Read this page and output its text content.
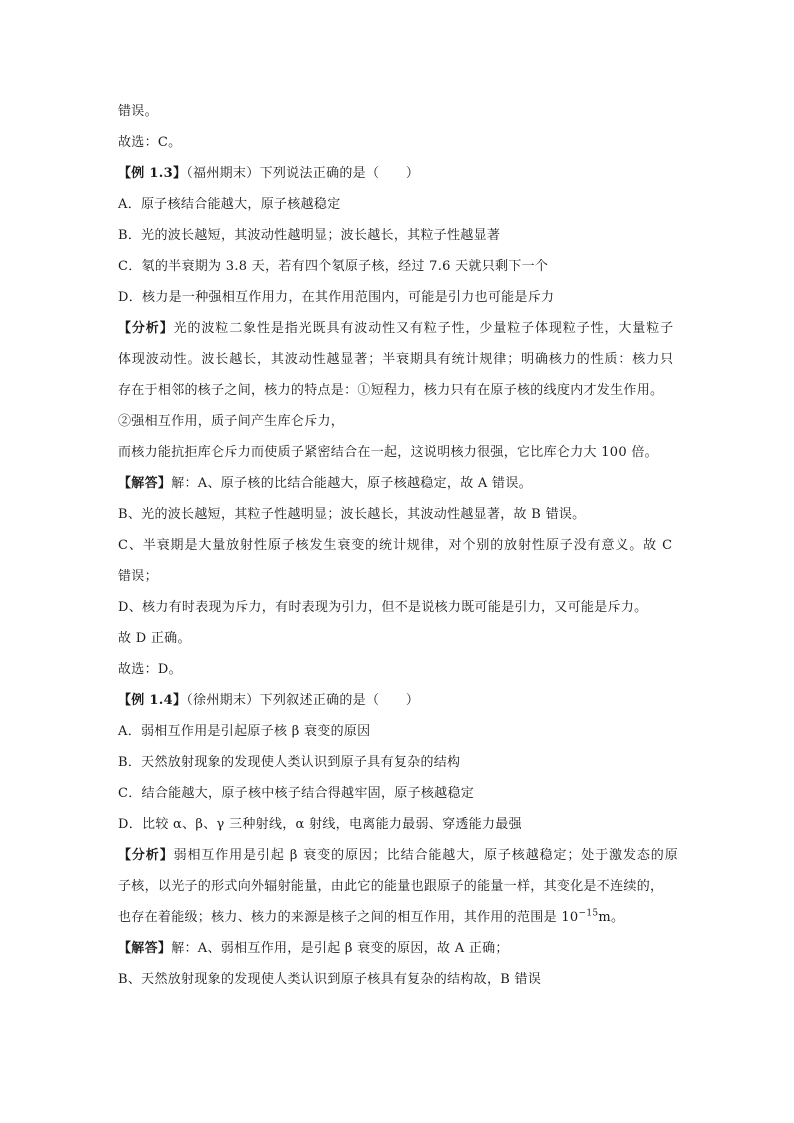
错误。
故选：C。
【例 1.3】（福州期末）下列说法正确的是（　　）
A．原子核结合能越大，原子核越稳定
B．光的波长越短，其波动性越明显；波长越长，其粒子性越显著
C．氡的半衰期为 3.8 天，若有四个氡原子核，经过 7.6 天就只剩下一个
D．核力是一种强相互作用力，在其作用范围内，可能是引力也可能是斥力
【分析】光的波粒二象性是指光既具有波动性又有粒子性，少量粒子体现粒子性，大量粒子
体现波动性。波长越长，其波动性越显著；半衰期具有统计规律；明确核力的性质：核力只
存在于相邻的核子之间，核力的特点是：①短程力，核力只有在原子核的线度内才发生作用。
②强相互作用，质子间产生库仑斥力，
而核力能抗拒库仑斥力而使质子紧密结合在一起，这说明核力很强，它比库仑力大 100 倍。
【解答】解：A、原子核的比结合能越大，原子核越稳定，故 A 错误。
B、光的波长越短，其粒子性越明显；波长越长，其波动性越显著，故 B 错误。
C、半衰期是大量放射性原子核发生衰变的统计规律，对个别的放射性原子没有意义。故 C
错误；
D、核力有时表现为斥力，有时表现为引力，但不是说核力既可能是引力，又可能是斥力。
故 D 正确。
故选：D。
【例 1.4】（徐州期末）下列叙述正确的是（　　）
A．弱相互作用是引起原子核 β 衰变的原因
B．天然放射现象的发现使人类认识到原子具有复杂的结构
C．结合能越大，原子核中核子结合得越牢固，原子核越稳定
D．比较 α、β、γ 三种射线，α 射线，电离能力最弱、穿透能力最强
【分析】弱相互作用是引起 β 衰变的原因；比结合能越大，原子核越稳定；处于激发态的原
子核，以光子的形式向外辐射能量，由此它的能量也跟原子的能量一样，其变化是不连续的，
也存在着能级；核力、核力的来源是核子之间的相互作用，其作用的范围是 $10^{-15}m$。
【解答】解：A、弱相互作用，是引起 β 衰变的原因，故 A 正确；
B、天然放射现象的发现使人类认识到原子核具有复杂的结构故，B 错误
